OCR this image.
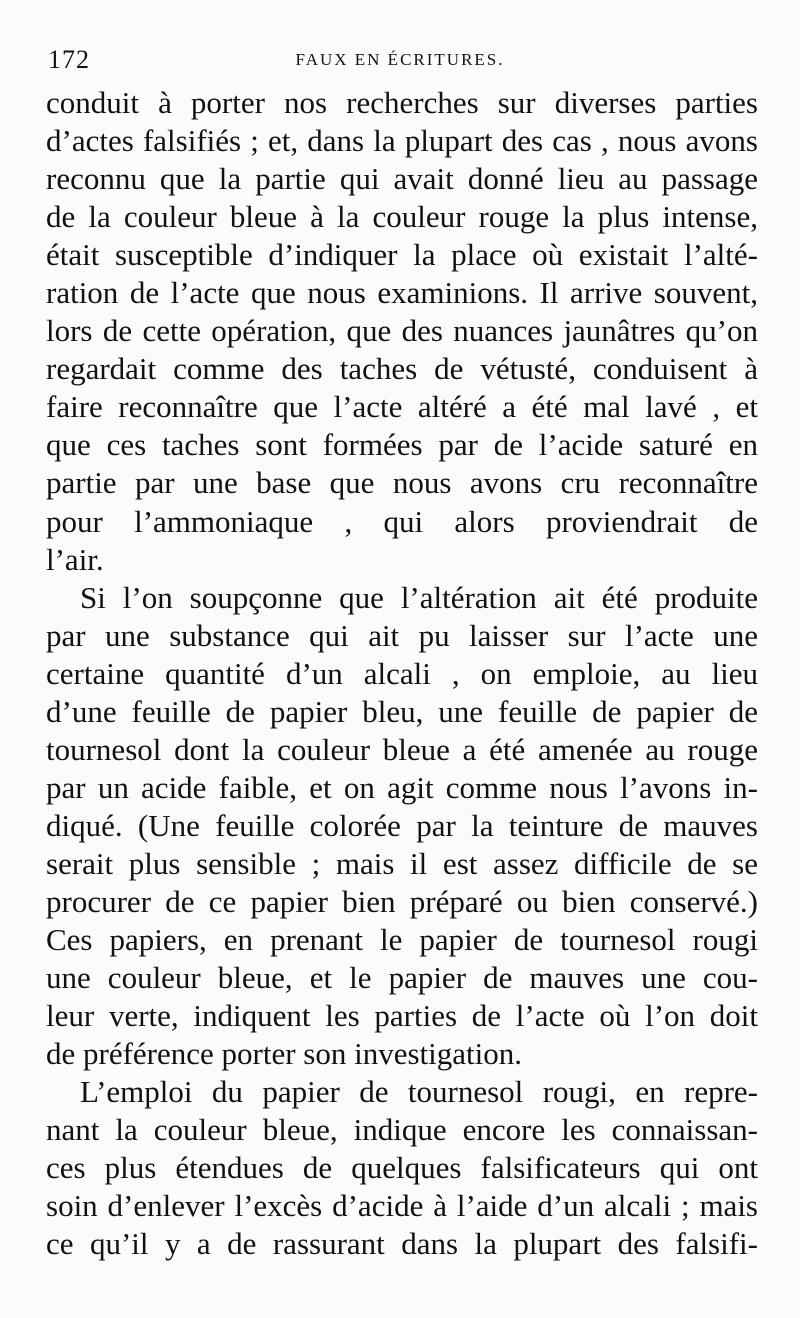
172	FAUX EN ÉCRITURES.
conduit à porter nos recherches sur diverses parties
d’actes falsifiés ; et, dans la plupart des cas , nous avons
reconnu que la partie qui avait donné lieu au passage
de la couleur bleue à la couleur rouge la plus intense,
était susceptible d’indiquer la place où existait l’alté-
ration de l’acte que nous examinions. Il arrive souvent,
lors de cette opération, que des nuances jaunâtres qu’on
regardait comme des taches de vétusté, conduisent à
faire reconnaître que l’acte altéré a été mal lavé , et
que ces taches sont formées par de l’acide saturé en
partie par une base que nous avons cru reconnaître
pour l’ammoniaque , qui alors proviendrait de
l’air.
Si l’on soupçonne que l’altération ait été produite
par une substance qui ait pu laisser sur l’acte une
certaine quantité d’un alcali , on emploie, au lieu
d’une feuille de papier bleu, une feuille de papier de
tournesol dont la couleur bleue a été amenée au rouge
par un acide faible, et on agit comme nous l’avons in-
diqué. (Une feuille colorée par la teinture de mauves
serait plus sensible ; mais il est assez difficile de se
procurer de ce papier bien préparé ou bien conservé.)
Ces papiers, en prenant le papier de tournesol rougi
une couleur bleue, et le papier de mauves une cou-
leur verte, indiquent les parties de l’acte où l’on doit
de préférence porter son investigation.
L’emploi du papier de tournesol rougi, en repre-
nant la couleur bleue, indique encore les connaissan-
ces plus étendues de quelques falsificateurs qui ont
soin d’enlever l’excès d’acide à l’aide d’un alcali ; mais
ce qu’il y a de rassurant dans la plupart des falsifi-
